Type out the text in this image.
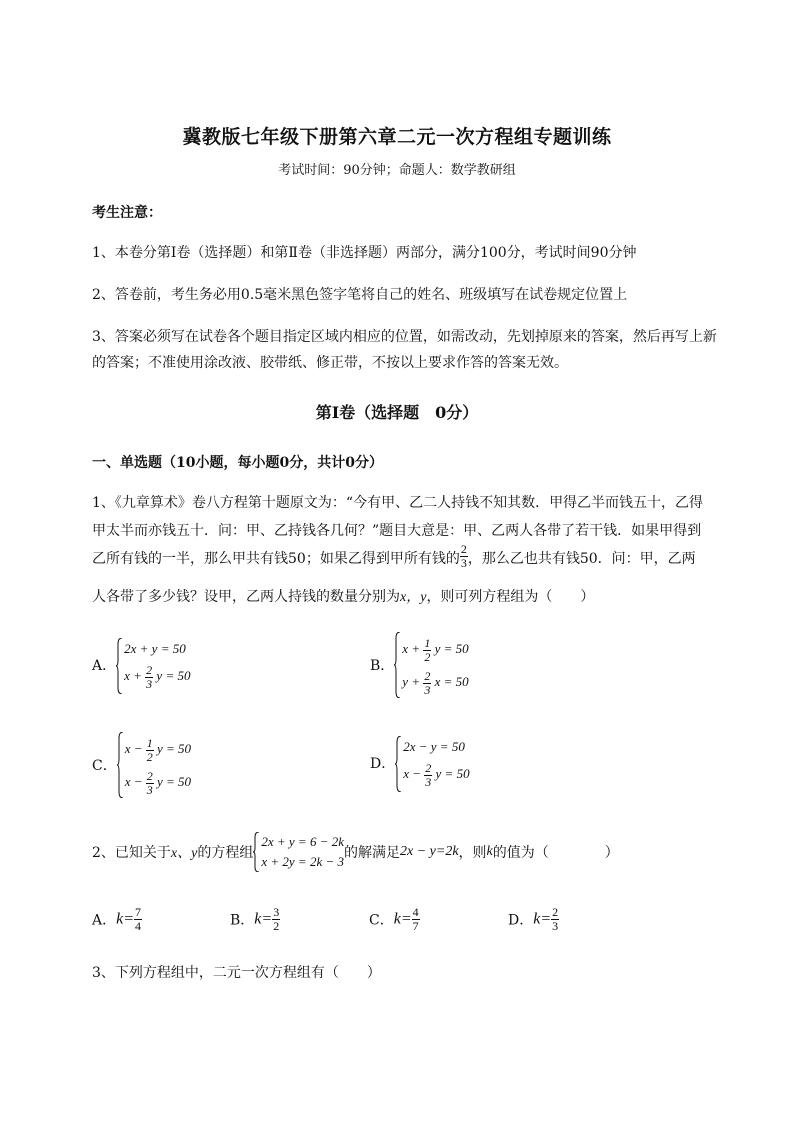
冀教版七年级下册第六章二元一次方程组专题训练
考试时间：90分钟；命题人：数学教研组
考生注意：
1、本卷分第I卷（选择题）和第Ⅱ卷（非选择题）两部分，满分100分，考试时间90分钟
2、答卷前，考生务必用0.5毫米黑色签字笔将自己的姓名、班级填写在试卷规定位置上
3、答案必须写在试卷各个题目指定区域内相应的位置，如需改动，先划掉原来的答案，然后再写上新
的答案；不准使用涂改液、胶带纸、修正带，不按以上要求作答的答案无效。
第I卷（选择题　0分）
一、单选题（10小题，每小题0分，共计0分）
1、《九章算术》卷八方程第十题原文为：“今有甲、乙二人持钱不知其数．甲得乙半而钱五十，乙得
甲太半而亦钱五十．问：甲、乙持钱各几何？”题目大意是：甲、乙两人各带了若干钱．如果甲得到
乙所有钱的一半，那么甲共有钱50；如果乙得到甲所有钱的 $\frac{2}{3}$ ，那么乙也共有钱50．问：甲，乙两
人各带了多少钱？设甲，乙两人持钱的数量分别为x，y，则可列方程组为（　　）
A．
2x + y = 50
$x + \frac{2}{3}$ y = 50
B．
$x + \frac{1}{2}$ y = 50
$y + \frac{2}{3}$ x = 50
C．
$x - \frac{1}{2}$ y = 50
$x - \frac{2}{3}$ y = 50
D．
2x − y = 50
$x - \frac{2}{3}$ y = 50
2、已知关于x、y的方程组
2x + y = 6 − 2k
x + 2y = 2k − 3
的解满足2x − y=2k，则k的值为（　　　　）
A．$k= \frac{7}{4}$	B．$k= \frac{3}{2}$	C．$k= \frac{4}{7}$	D．$k= \frac{2}{3}$
3、下列方程组中，二元一次方程组有（　　）
